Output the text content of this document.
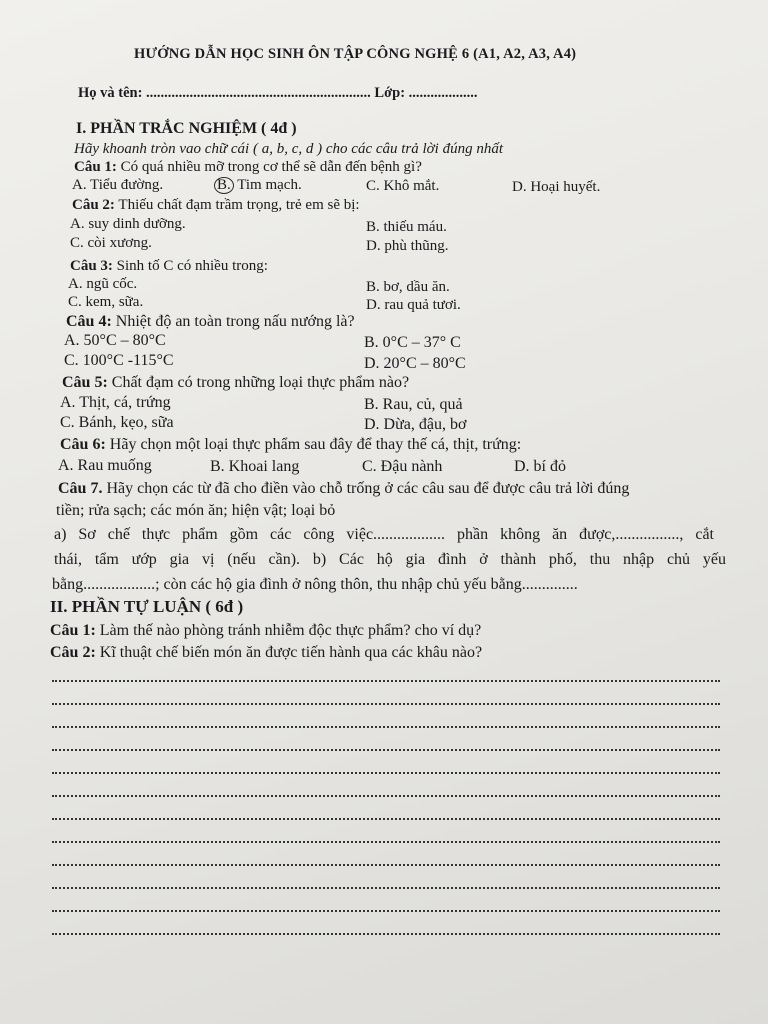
HƯỚNG DẪN HỌC SINH ÔN TẬP CÔNG NGHỆ 6 (A1, A2, A3, A4)
Họ và tên: .............................................................. Lớp: ...................
I. PHẦN TRẮC NGHIỆM ( 4đ )
Hãy khoanh tròn vao chữ cái ( a, b, c, d ) cho các câu trả lời đúng nhất
Câu 1: Có quá nhiều mỡ trong cơ thể sẽ dẫn đến bệnh gì?
A. Tiểu đường.	B. Tim mạch.	C. Khô mắt.	D. Hoại huyết.
Câu 2: Thiếu chất đạm trầm trọng, trẻ em sẽ bị:
A. suy dinh dưỡng.	B. thiếu máu.
C. còi xương.	D. phù thũng.
Câu 3: Sinh tố C có nhiều trong:
A. ngũ cốc.	B. bơ, dầu ăn.
C. kem, sữa.	D. rau quả tươi.
Câu 4: Nhiệt độ an toàn trong nấu nướng là?
A. 50°C – 80°C	B. 0°C – 37° C
C. 100°C -115°C	D. 20°C – 80°C
Câu 5: Chất đạm có trong những loại thực phẩm nào?
A. Thịt, cá, trứng	B. Rau, củ, quả
C. Bánh, kẹo, sữa	D. Dừa, đậu, bơ
Câu 6: Hãy chọn một loại thực phẩm sau đây để thay thế cá, thịt, trứng:
A. Rau muống	B. Khoai lang	C. Đậu nành	D. bí đỏ
Câu 7. Hãy chọn các từ đã cho điền vào chỗ trống ở các câu sau để được câu trả lời đúng
tiền; rửa sạch; các món ăn; hiện vật; loại bỏ
a) Sơ chế thực phẩm gồm các công việc.................. phần không ăn được,................, cắt
thái, tẩm ướp gia vị (nếu cần). b) Các hộ gia đình ở thành phố, thu nhập chủ yếu
bằng..................; còn các hộ gia đình ở nông thôn, thu nhập chủ yếu bằng..............
II. PHẦN TỰ LUẬN ( 6đ )
Câu 1: Làm thế nào phòng tránh nhiễm độc thực phẩm? cho ví dụ?
Câu 2: Kĩ thuật chế biến món ăn được tiến hành qua các khâu nào?
